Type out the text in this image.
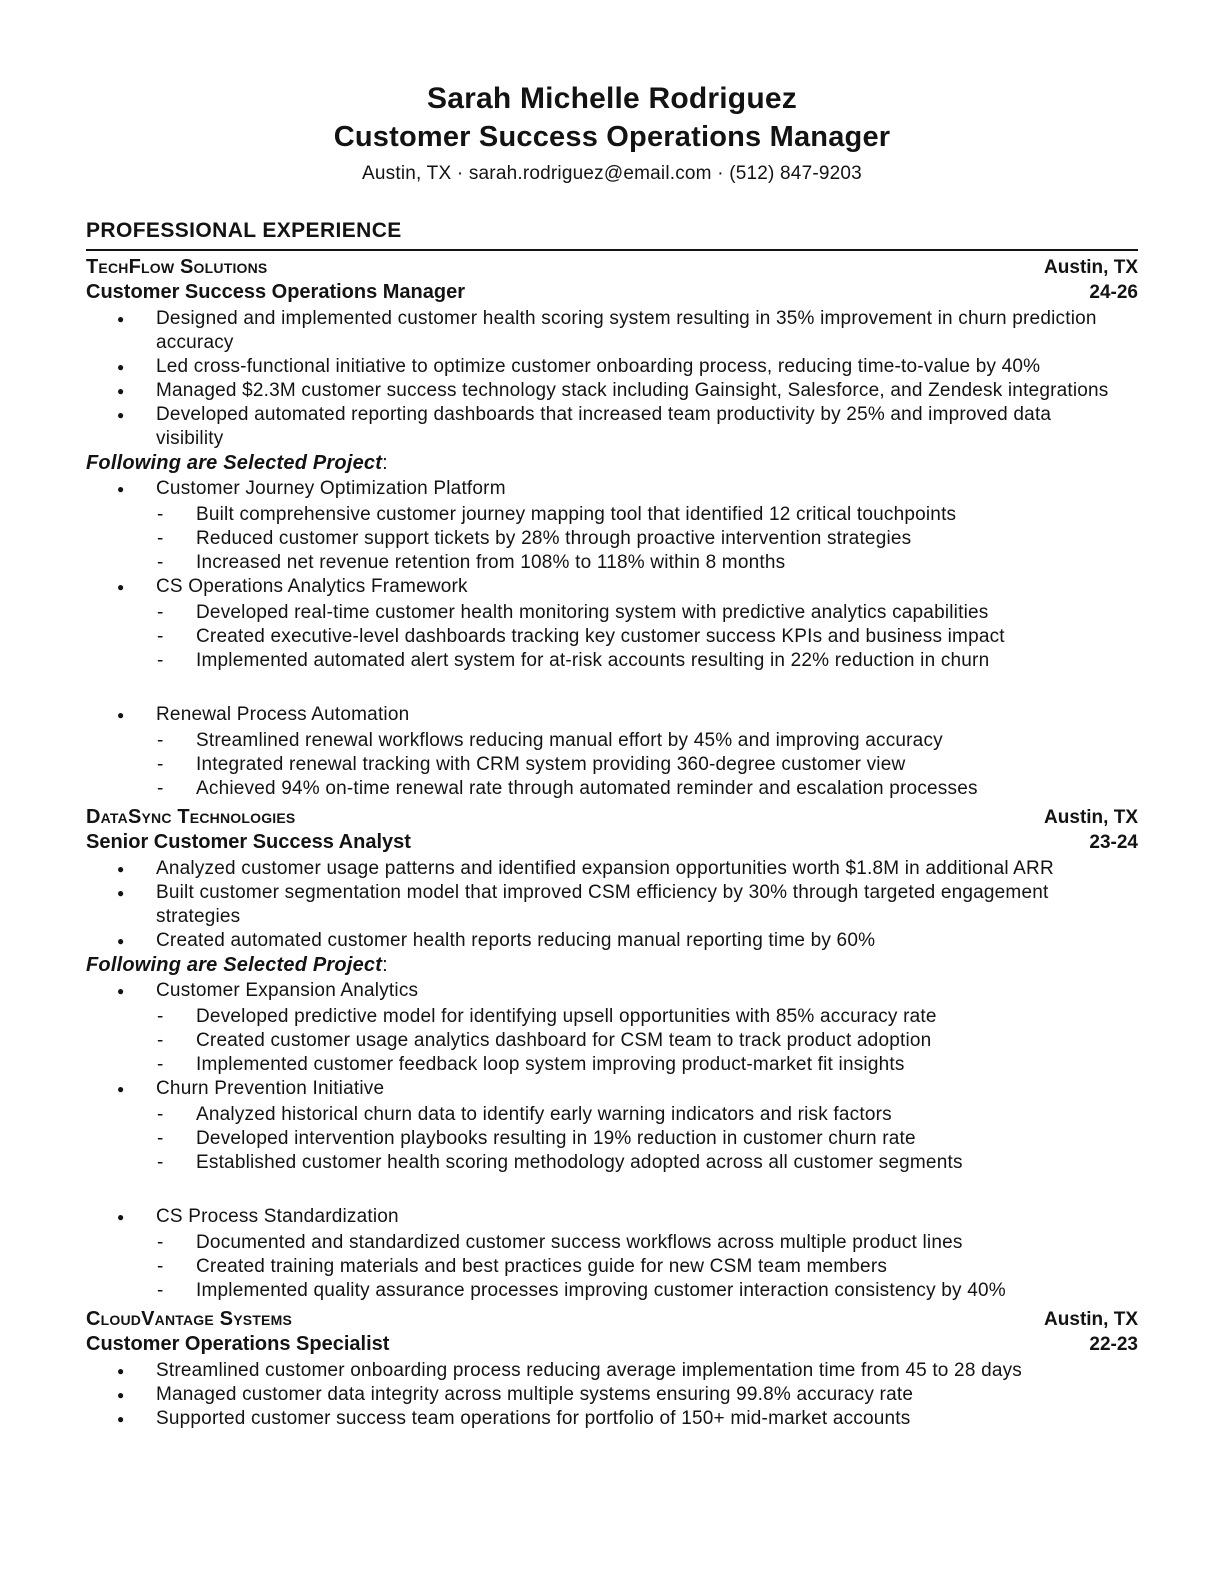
Sarah Michelle Rodriguez
Customer Success Operations Manager
Austin, TX · sarah.rodriguez@email.com · (512) 847-9203
PROFESSIONAL EXPERIENCE
TechFlow Solutions	Austin, TX
Customer Success Operations Manager	24-26
●	Designed and implemented customer health scoring system resulting in 35% improvement in churn prediction accuracy
●	Led cross-functional initiative to optimize customer onboarding process, reducing time-to-value by 40%
●	Managed $2.3M customer success technology stack including Gainsight, Salesforce, and Zendesk integrations
●	Developed automated reporting dashboards that increased team productivity by 25% and improved data visibility
Following are Selected Project:
●	Customer Journey Optimization Platform
-	Built comprehensive customer journey mapping tool that identified 12 critical touchpoints
-	Reduced customer support tickets by 28% through proactive intervention strategies
-	Increased net revenue retention from 108% to 118% within 8 months
●	CS Operations Analytics Framework
-	Developed real-time customer health monitoring system with predictive analytics capabilities
-	Created executive-level dashboards tracking key customer success KPIs and business impact
-	Implemented automated alert system for at-risk accounts resulting in 22% reduction in churn
●	Renewal Process Automation
-	Streamlined renewal workflows reducing manual effort by 45% and improving accuracy
-	Integrated renewal tracking with CRM system providing 360-degree customer view
-	Achieved 94% on-time renewal rate through automated reminder and escalation processes
DataSync Technologies	Austin, TX
Senior Customer Success Analyst	23-24
●	Analyzed customer usage patterns and identified expansion opportunities worth $1.8M in additional ARR
●	Built customer segmentation model that improved CSM efficiency by 30% through targeted engagement strategies
●	Created automated customer health reports reducing manual reporting time by 60%
Following are Selected Project:
●	Customer Expansion Analytics
-	Developed predictive model for identifying upsell opportunities with 85% accuracy rate
-	Created customer usage analytics dashboard for CSM team to track product adoption
-	Implemented customer feedback loop system improving product-market fit insights
●	Churn Prevention Initiative
-	Analyzed historical churn data to identify early warning indicators and risk factors
-	Developed intervention playbooks resulting in 19% reduction in customer churn rate
-	Established customer health scoring methodology adopted across all customer segments
●	CS Process Standardization
-	Documented and standardized customer success workflows across multiple product lines
-	Created training materials and best practices guide for new CSM team members
-	Implemented quality assurance processes improving customer interaction consistency by 40%
CloudVantage Systems	Austin, TX
Customer Operations Specialist	22-23
●	Streamlined customer onboarding process reducing average implementation time from 45 to 28 days
●	Managed customer data integrity across multiple systems ensuring 99.8% accuracy rate
●	Supported customer success team operations for portfolio of 150+ mid-market accounts
